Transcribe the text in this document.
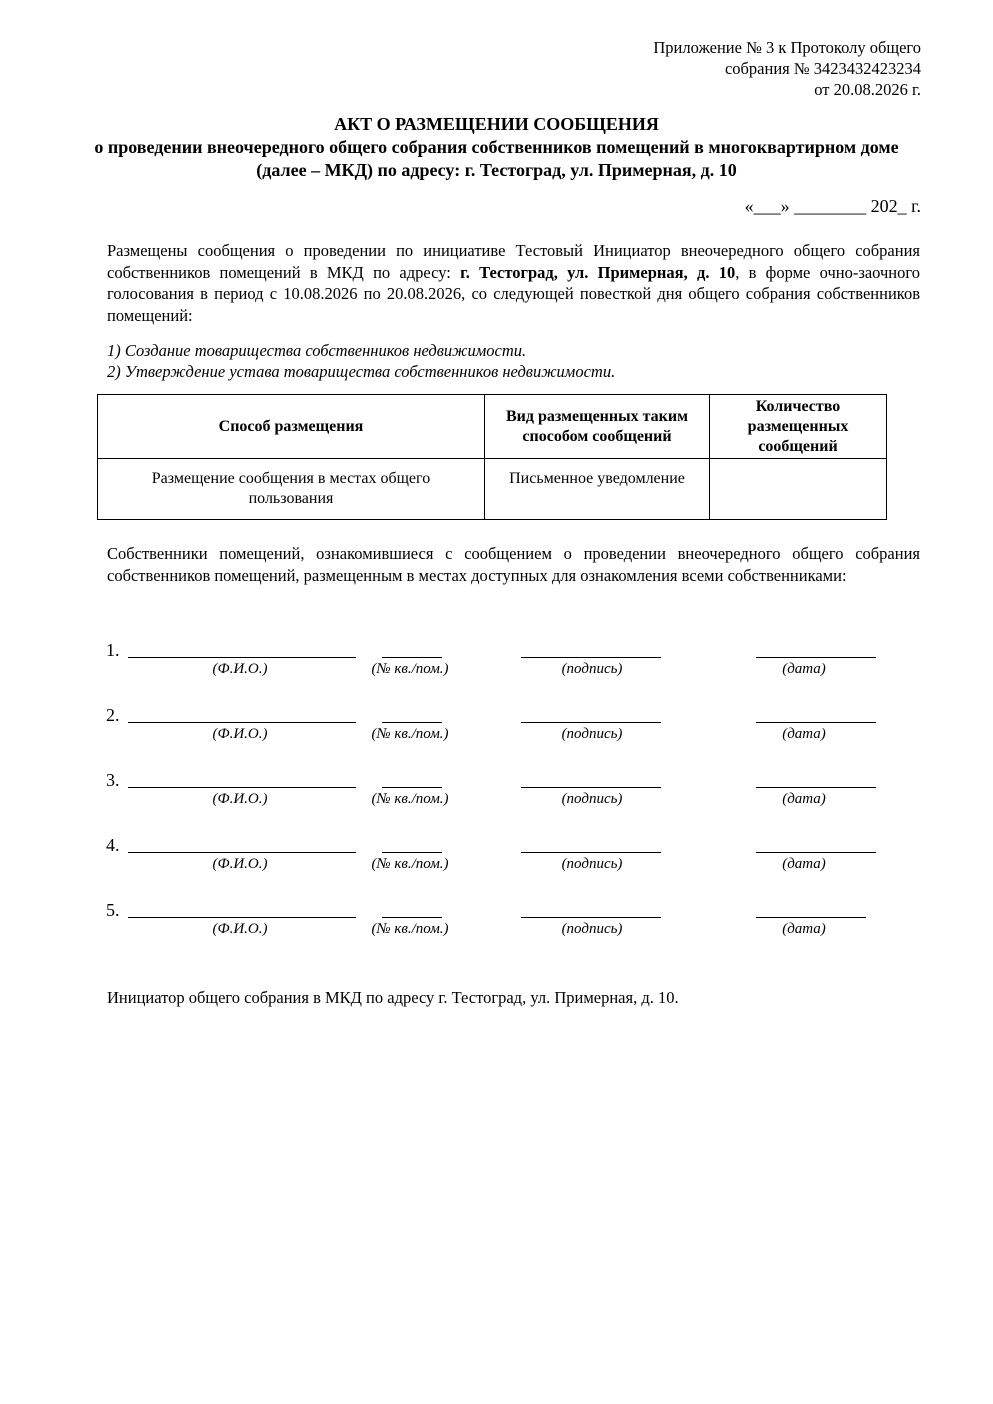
Приложение № 3 к Протоколу общего
собрания № 3423432423234
от 20.08.2026 г.
АКТ О РАЗМЕЩЕНИИ СООБЩЕНИЯ
о проведении внеочередного общего собрания собственников помещений в многоквартирном доме (далее – МКД) по адресу: г. Тестоград, ул. Примерная, д. 10
«___» ________ 202_ г.
Размещены сообщения о проведении по инициативе Тестовый Инициатор внеочередного общего собрания собственников помещений в МКД по адресу: г. Тестоград, ул. Примерная, д. 10, в форме очно-заочного голосования в период с 10.08.2026 по 20.08.2026, со следующей повесткой дня общего собрания собственников помещений:
1) Создание товарищества собственников недвижимости.
2) Утверждение устава товарищества собственников недвижимости.
Способ размещения	Вид размещенных таким способом сообщений	Количество размещенных сообщений
Размещение сообщения в местах общего пользования	Письменное уведомление	
Собственники помещений, ознакомившиеся с сообщением о проведении внеочередного общего собрания собственников помещений, размещенным в местах доступных для ознакомления всеми собственниками:
1.
(Ф.И.О.)	(№ кв./пом.)	(подпись)	(дата)
2.
(Ф.И.О.)	(№ кв./пом.)	(подпись)	(дата)
3.
(Ф.И.О.)	(№ кв./пом.)	(подпись)	(дата)
4.
(Ф.И.О.)	(№ кв./пом.)	(подпись)	(дата)
5.
(Ф.И.О.)	(№ кв./пом.)	(подпись)	(дата)
Инициатор общего собрания в МКД по адресу г. Тестоград, ул. Примерная, д. 10.
